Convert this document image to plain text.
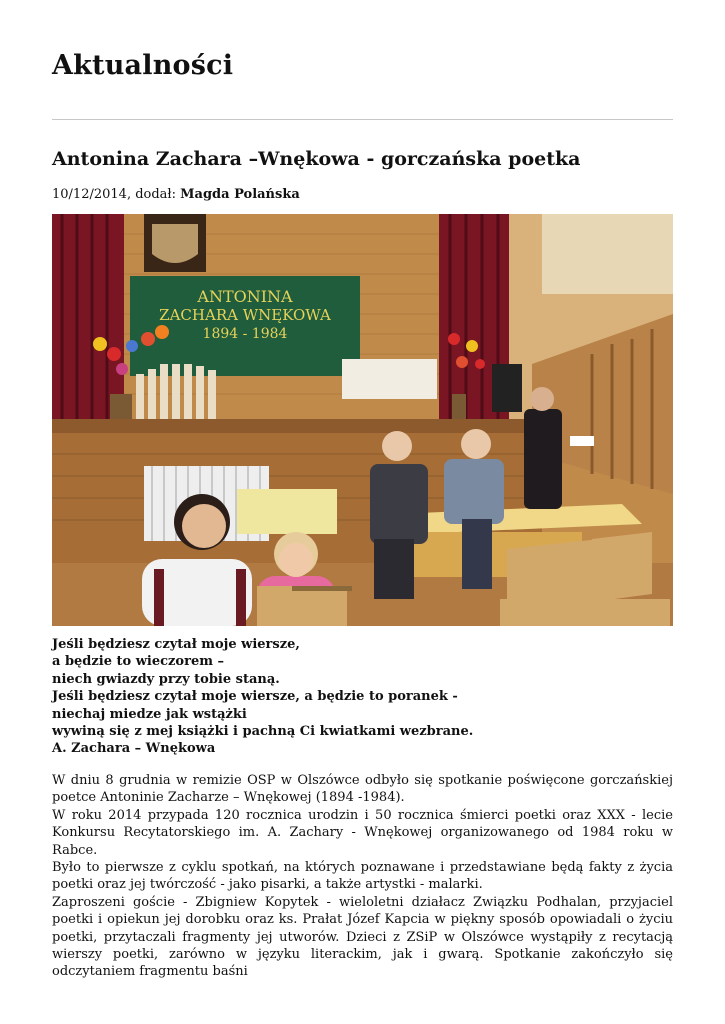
Aktualności
Antonina Zachara –Wnękowa - gorczańska poetka
10/12/2014, dodał: Magda Polańska
ANTONINA
ZACHARA WNĘKOWA
1894 - 1984
Jeśli będziesz czytał moje wiersze,
a będzie to wieczorem –
niech gwiazdy przy tobie staną.
Jeśli będziesz czytał moje wiersze, a będzie to poranek -
niechaj miedze jak wstążki
wywiną się z mej książki i pachną Ci kwiatkami wezbrane.
A. Zachara – Wnękowa

W dniu 8 grudnia w remizie OSP w Olszówce odbyło się spotkanie poświęcone gorczańskiej poetce Antoninie Zacharze – Wnękowej (1894 -1984).

W roku 2014 przypada 120 rocznica urodzin i 50 rocznica śmierci poetki oraz XXX - lecie Konkursu Recytatorskiego im. A. Zachary - Wnękowej organizowanego od 1984 roku w Rabce.

Było to pierwsze z cyklu spotkań, na których poznawane i przedstawiane będą fakty z życia poetki oraz jej twórczość - jako pisarki, a także artystki - malarki.

Zaproszeni goście - Zbigniew Kopytek - wieloletni działacz Związku Podhalan, przyjaciel poetki i opiekun jej dorobku oraz ks. Prałat Józef Kapcia w piękny sposób opowiadali o życiu poetki, przytaczali fragmenty jej utworów. Dzieci z ZSiP w Olszówce wystąpiły z recytacją wierszy poetki, zarówno w języku literackim, jak i gwarą. Spotkanie zakończyło się odczytaniem fragmentu baśni
